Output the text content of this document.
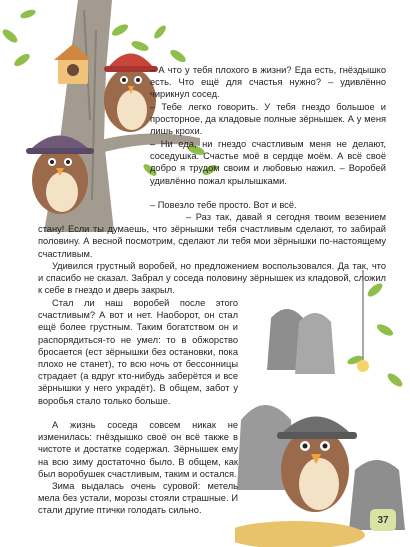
– А что у тебя плохого в жизни? Еда есть, гнёздышко есть. Что ещё для счастья нужно? – удивлённо чирикнул сосед.

– Тебе легко говорить. У тебя гнездо большое и просторное, да кладовые полные зёрнышек. А у меня лишь крохи.

– Ни еда, ни гнездо счастливым меня не делают, соседушка. Счастье моё в сердце моём. А всё своё добро я трудом своим и любовью нажил. – Воробей удивлённо пожал крылышками.

– Повезло тебе просто. Вот и всё.

– Раз так, давай я сегодня твоим везением стану! Если ты думаешь, что зёрнышки тебя счастливым сделают, то забирай половину. А весной посмотрим, сделают ли тебя мои зёрнышки по-настоящему счастливым.

Удивился грустный воробей, но предложением воспользовался. Да так, что и спасибо не сказал. Забрал у соседа половину зёрнышек из кладовой, сложил к себе в гнездо и дверь закрыл.

Стал ли наш воробей после этого счастливым? А вот и нет. Наоборот, он стал ещё более грустным. Таким богатством он и распорядиться-то не умел: то в обжорство бросается (ест зёрнышки без остановки, пока плохо не станет), то всю ночь от бессонницы страдает (а вдруг кто-нибудь заберётся и все зёрнышки у него украдёт). В общем, забот у воробья стало только больше.

А жизнь соседа совсем никак не изменилась: гнёздышко своё он всё также в чистоте и достатке содержал. Зёрнышек ему на всю зиму достаточно было. В общем, как был воробушек счастливым, таким и остался.

Зима выдалась очень суровой: метель мела без устали, морозы стояли страшные. И стали другие птички голодать сильно.

37
